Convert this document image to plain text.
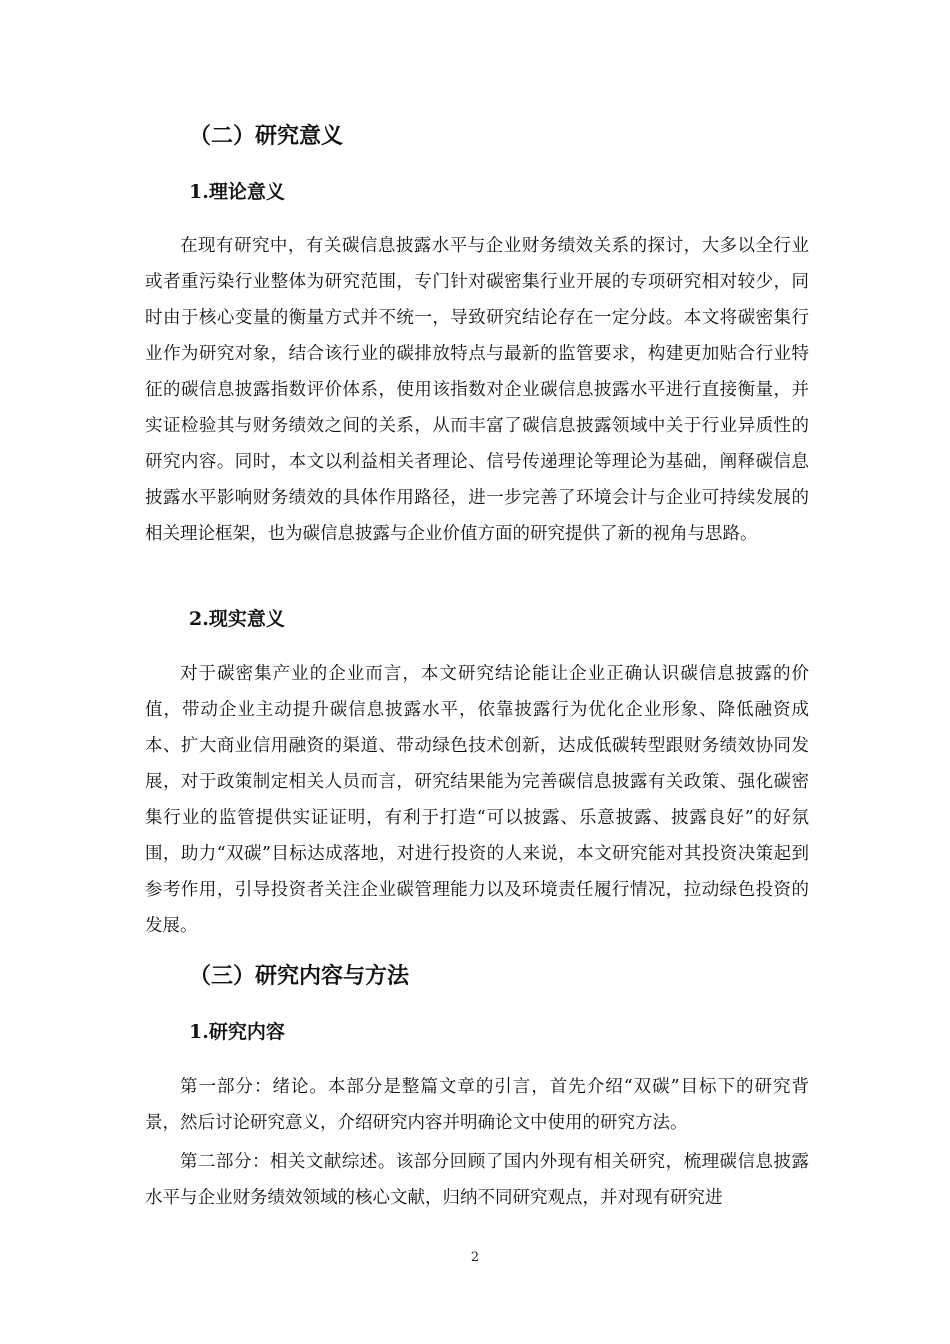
（二）研究意义
1.理论意义

在现有研究中，有关碳信息披露水平与企业财务绩效关系的探讨，大多以全行业或者重污染行业整体为研究范围，专门针对碳密集行业开展的专项研究相对较少，同时由于核心变量的衡量方式并不统一，导致研究结论存在一定分歧。本文将碳密集行业作为研究对象，结合该行业的碳排放特点与最新的监管要求，构建更加贴合行业特征的碳信息披露指数评价体系，使用该指数对企业碳信息披露水平进行直接衡量，并实证检验其与财务绩效之间的关系，从而丰富了碳信息披露领域中关于行业异质性的研究内容。同时，本文以利益相关者理论、信号传递理论等理论为基础，阐释碳信息披露水平影响财务绩效的具体作用路径，进一步完善了环境会计与企业可持续发展的相关理论框架，也为碳信息披露与企业价值方面的研究提供了新的视角与思路。

2.现实意义

对于碳密集产业的企业而言，本文研究结论能让企业正确认识碳信息披露的价值，带动企业主动提升碳信息披露水平，依靠披露行为优化企业形象、降低融资成本、扩大商业信用融资的渠道、带动绿色技术创新，达成低碳转型跟财务绩效协同发展，对于政策制定相关人员而言，研究结果能为完善碳信息披露有关政策、强化碳密集行业的监管提供实证证明，有利于打造“可以披露、乐意披露、披露良好”的好氛围，助力“双碳”目标达成落地，对进行投资的人来说，本文研究能对其投资决策起到参考作用，引导投资者关注企业碳管理能力以及环境责任履行情况，拉动绿色投资的发展。

（三）研究内容与方法
1.研究内容

第一部分：绪论。本部分是整篇文章的引言，首先介绍“双碳”目标下的研究背景，然后讨论研究意义，介绍研究内容并明确论文中使用的研究方法。

第二部分：相关文献综述。该部分回顾了国内外现有相关研究，梳理碳信息披露水平与企业财务绩效领域的核心文献，归纳不同研究观点，并对现有研究进

2
